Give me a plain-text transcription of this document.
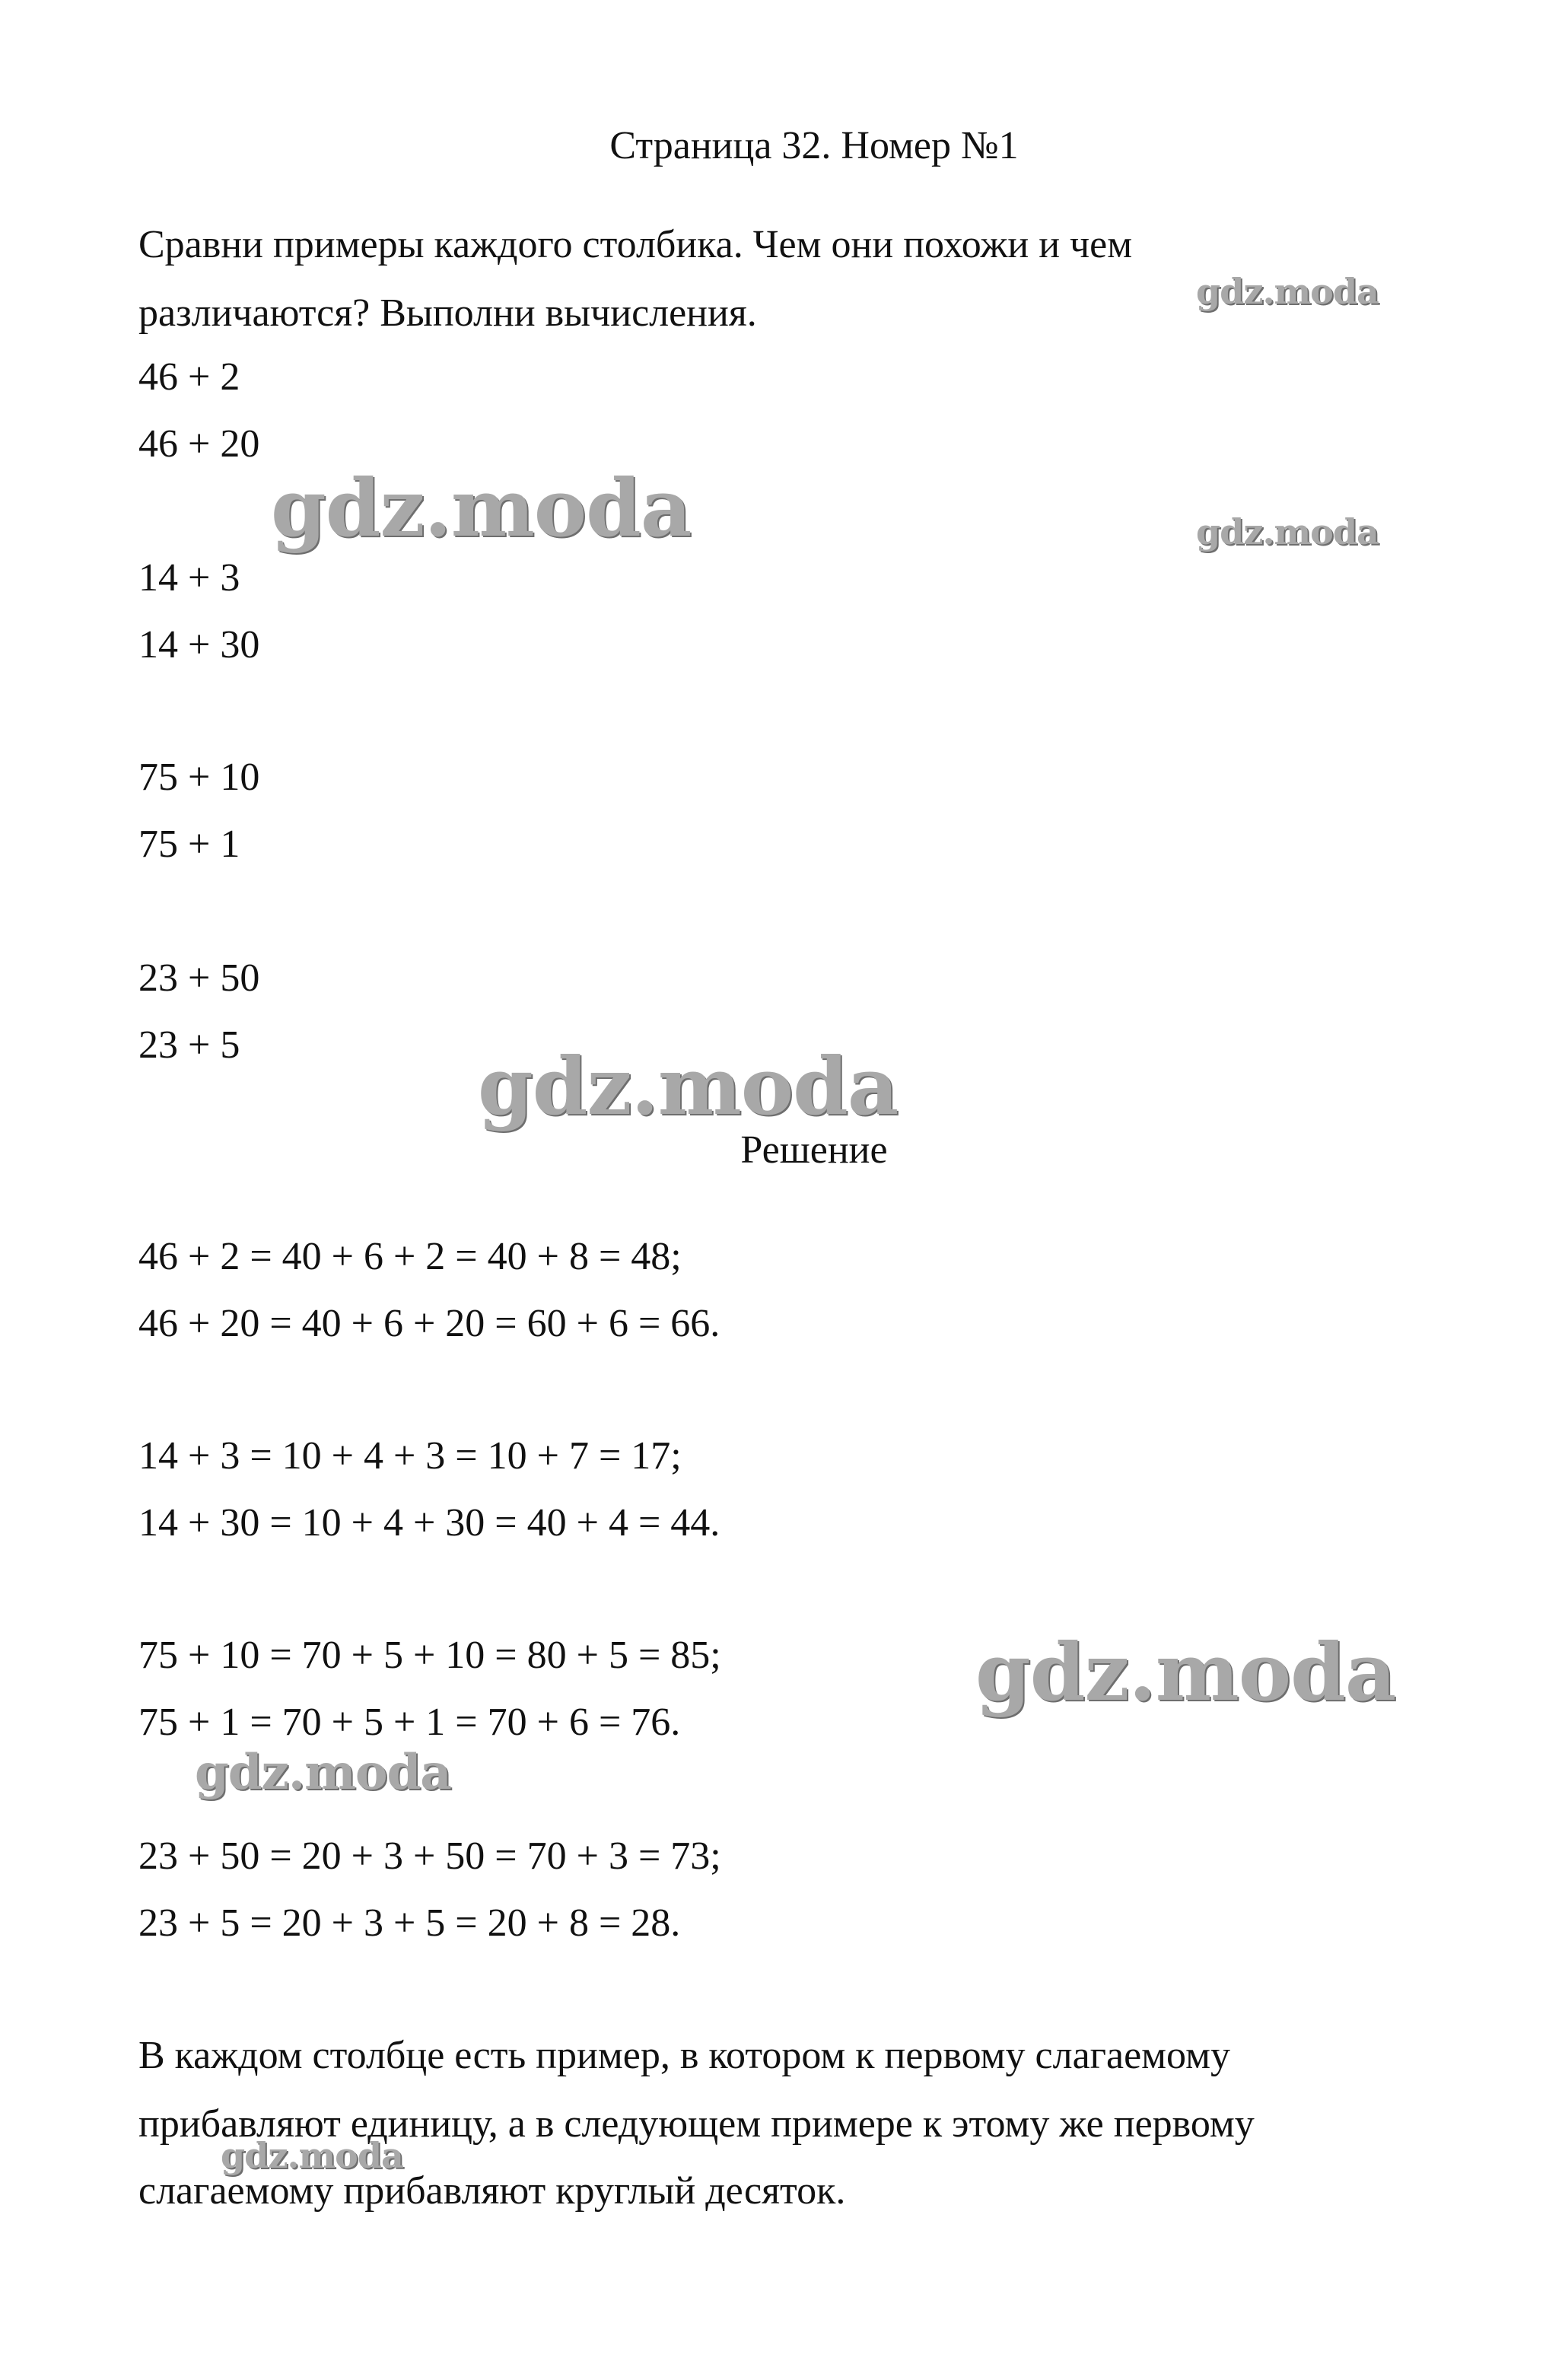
Страница 32. Номер №1

Сравни примеры каждого столбика. Чем они похожи и чем

различаются? Выполни вычисления.

46 + 2

46 + 20

14 + 3

14 + 30

75 + 10

75 + 1

23 + 50

23 + 5

Решение

46 + 2 = 40 + 6 + 2 = 40 + 8 = 48;

46 + 20 = 40 + 6 + 20 = 60 + 6 = 66.

14 + 3 = 10 + 4 + 3 = 10 + 7 = 17;

14 + 30 = 10 + 4 + 30 = 40 + 4 = 44.

75 + 10 = 70 + 5 + 10 = 80 + 5 = 85;

75 + 1 = 70 + 5 + 1 = 70 + 6 = 76.

23 + 50 = 20 + 3 + 50 = 70 + 3 = 73;

23 + 5 = 20 + 3 + 5 = 20 + 8 = 28.

В каждом столбце есть пример, в котором к первому слагаемому

прибавляют единицу, а в следующем примере к этому же первому

слагаемому прибавляют круглый десяток.

gdz.moda
gdz.moda	gdz.moda
gdz.moda
gdz.moda
gdz.moda
gdz.moda
